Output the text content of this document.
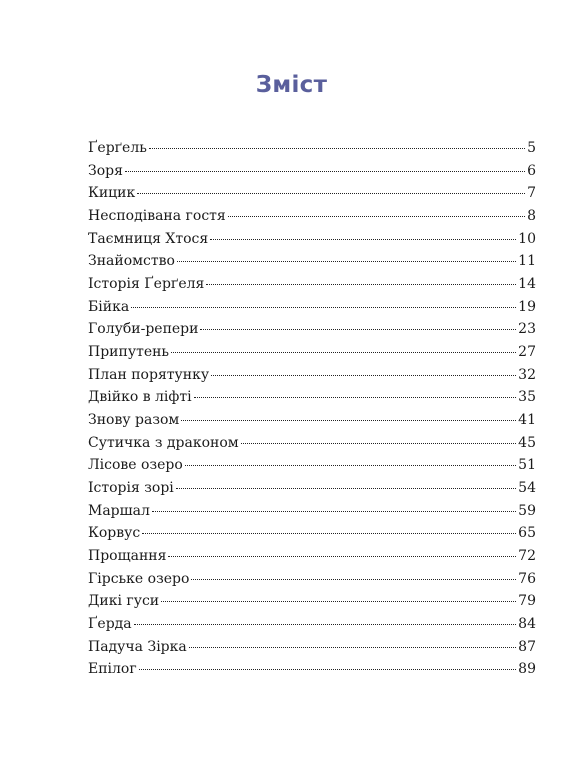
Зміст
Ґерґель	5
Зоря	6
Кицик	7
Несподівана гостя	8
Таємниця Хтося	10
Знайомство	11
Історія Ґерґеля	14
Бійка	19
Голуби-репери	23
Припутень	27
План порятунку	32
Двійко в ліфті	35
Знову разом	41
Сутичка з драконом	45
Лісове озеро	51
Історія зорі	54
Маршал	59
Корвус	65
Прощання	72
Гірське озеро	76
Дикі гуси	79
Ґерда	84
Падуча Зірка	87
Епілог	89
